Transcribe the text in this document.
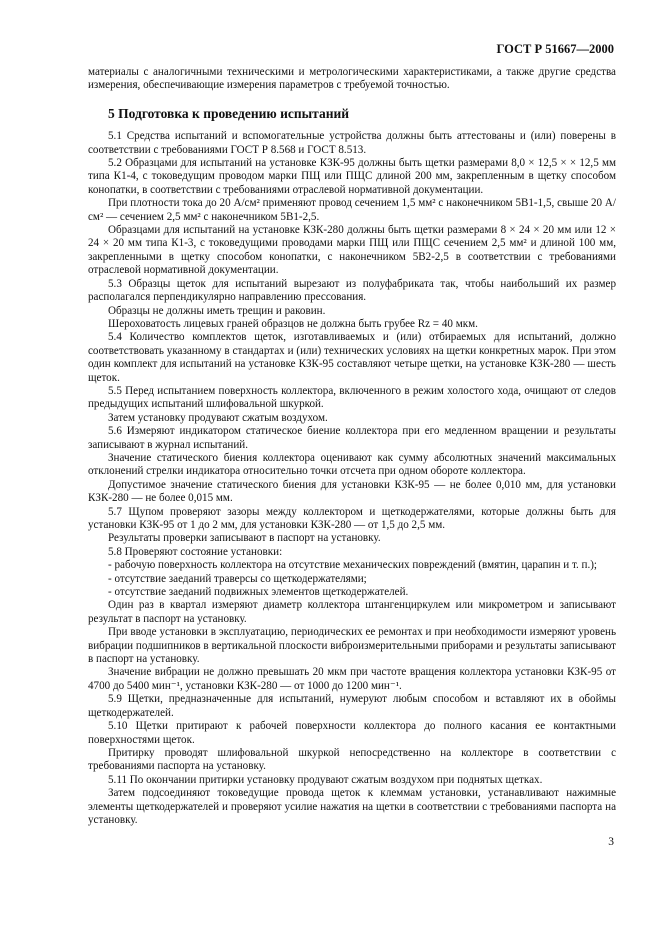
ГОСТ Р 51667—2000

материалы с аналогичными техническими и метрологическими характеристиками, а также другие средства измерения, обеспечивающие измерения параметров с требуемой точностью.

5 Подготовка к проведению испытаний

5.1 Средства испытаний и вспомогательные устройства должны быть аттестованы и (или) поверены в соответствии с требованиями ГОСТ Р 8.568 и ГОСТ 8.513.

5.2 Образцами для испытаний на установке КЗК-95 должны быть щетки размерами 8,0 × 12,5 × × 12,5 мм типа К1-4, с токоведущим проводом марки ПЩ или ПЩС длиной 200 мм, закрепленным в щетку способом конопатки, в соответствии с требованиями отраслевой нормативной документации.

При плотности тока до 20 А/см² применяют провод сечением 1,5 мм² с наконечником 5В1-1,5, свыше 20 А/см² — сечением 2,5 мм² с наконечником 5В1-2,5.

Образцами для испытаний на установке КЗК-280 должны быть щетки размерами 8 × 24 × 20 мм или 12 × 24 × 20 мм типа К1-3, с токоведущими проводами марки ПЩ или ПЩС сечением 2,5 мм² и длиной 100 мм, закрепленными в щетку способом конопатки, с наконечником 5В2-2,5 в соответствии с требованиями отраслевой нормативной документации.

5.3 Образцы щеток для испытаний вырезают из полуфабриката так, чтобы наибольший их размер располагался перпендикулярно направлению прессования.

Образцы не должны иметь трещин и раковин.

Шероховатость лицевых граней образцов не должна быть грубее Rz = 40 мкм.

5.4 Количество комплектов щеток, изготавливаемых и (или) отбираемых для испытаний, должно соответствовать указанному в стандартах и (или) технических условиях на щетки конкретных марок. При этом один комплект для испытаний на установке КЗК-95 составляют четыре щетки, на установке КЗК-280 — шесть щеток.

5.5 Перед испытанием поверхность коллектора, включенного в режим холостого хода, очищают от следов предыдущих испытаний шлифовальной шкуркой.

Затем установку продувают сжатым воздухом.

5.6 Измеряют индикатором статическое биение коллектора при его медленном вращении и результаты записывают в журнал испытаний.

Значение статического биения коллектора оценивают как сумму абсолютных значений максимальных отклонений стрелки индикатора относительно точки отсчета при одном обороте коллектора.

Допустимое значение статического биения для установки КЗК-95 — не более 0,010 мм, для установки КЗК-280 — не более 0,015 мм.

5.7 Щупом проверяют зазоры между коллектором и щеткодержателями, которые должны быть для установки КЗК-95 от 1 до 2 мм, для установки КЗК-280 — от 1,5 до 2,5 мм.

Результаты проверки записывают в паспорт на установку.

5.8 Проверяют состояние установки:

- рабочую поверхность коллектора на отсутствие механических повреждений (вмятин, царапин и т. п.);

- отсутствие заеданий траверсы со щеткодержателями;

- отсутствие заеданий подвижных элементов щеткодержателей.

Один раз в квартал измеряют диаметр коллектора штангенциркулем или микрометром и записывают результат в паспорт на установку.

При вводе установки в эксплуатацию, периодических ее ремонтах и при необходимости измеряют уровень вибрации подшипников в вертикальной плоскости виброизмерительными приборами и результаты записывают в паспорт на установку.

Значение вибрации не должно превышать 20 мкм при частоте вращения коллектора установки КЗК-95 от 4700 до 5400 мин⁻¹, установки КЗК-280 — от 1000 до 1200 мин⁻¹.

5.9 Щетки, предназначенные для испытаний, нумеруют любым способом и вставляют их в обоймы щеткодержателей.

5.10 Щетки притирают к рабочей поверхности коллектора до полного касания ее контактными поверхностями щеток.

Притирку проводят шлифовальной шкуркой непосредственно на коллекторе в соответствии с требованиями паспорта на установку.

5.11 По окончании притирки установку продувают сжатым воздухом при поднятых щетках.

Затем подсоединяют токоведущие провода щеток к клеммам установки, устанавливают нажимные элементы щеткодержателей и проверяют усилие нажатия на щетки в соответствии с требованиями паспорта на установку.

3
